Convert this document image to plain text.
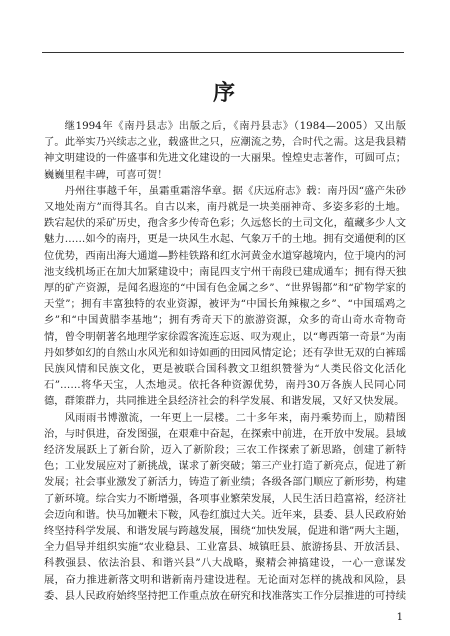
序

继1994年《南丹县志》出版之后，《南丹县志》（1984—2005）又出版了。此举实乃兴续志之业，载盛世之只，应潮流之势，合时代之需。这是我县精神文明建设的一件盛事和先进文化建设的一大丽果。惶煌史志著作，可圆可点；巍巍里程丰碑，可喜可贺！

丹州往事越千年，虽霜重霜溶华章。据《庆远府志》载：南丹因“盛产朱砂又地处南方”而得其名。自古以来，南丹就是一块美丽神奇、多姿多彩的土地。跌宕起伏的采矿历史，孢含多少传奇色彩；久远悠长的土司文化，蕴藏多少人文魅力……如今的南丹，更是一块风生水起、气象万千的土地。拥有交通便利的区位优势，西南出海大通道—黔桂铁路和红水河黄金水道穿越境内，位于境内的河池支线机场正在加大加紧建设中；南昆四支宁州干南段已建成通车；拥有得天独厚的矿产资源，是闻名遐迩的“中国有色金属之乡”、“世界锡都”和“矿物学家的天堂”；拥有丰富独特的农业资源，被评为“中国长角辣椒之乡”、“中国瑶鸡之乡”和“中国黄腊李基地”；拥有秀奇天下的旅游资源，众多的奇山奇水奇物奇情，曾令明朝著名地理学家徐霞客流连忘返、叹为观止，以“粤西第一奇景”为南丹如梦如幻的自然山水风光和如诗如画的田园风情定论；还有孕世无双的白裤瑶民族风情和民族文化，更是被联合国科教文卫组织赞誉为“人类民俗文化活化石”……将华天宝，人杰地灵。依托各种资源优势，南丹30万各族人民同心同德，群策群力，共同推进全县经济社会的科学发展、和谐发展，又好又快发展。

风雨雨书博激流，一年更上一层楼。二十多年来，南丹乘势而上，励精图治，与时俱进，奋发图强，在艰难中奋起，在探索中前进，在开放中发展。县域经济发展跃上了新台阶，迈入了新阶段；三农工作探索了新思路，创建了新特色；工业发展应对了新挑战，谋求了新突破；第三产业打造了新亮点，促进了新发展；社会事业激发了新活力，铸造了新业绩；各级各部门顺应了新形势，构建了新环境。综合实力不断增强，各项事业繁荣发展，人民生活日趋富裕，经济社会迈向和谐。快马加鞭未下鞍，风卷红旗过大关。近年来，县委、县人民政府始终坚持科学发展、和谐发展与跨越发展，围绕“加快发展，促进和谐”两大主题，全力倡导并组织实施“农业稳县、工业富县、城镇旺县、旅游扬县、开放活县、科教强县、依法治县、和谐兴县”八大战略，聚精会神搞建设，一心一意谋发展，奋力推进新落文明和谐新南丹建设进程。无论面对怎样的挑战和风险，县委、县人民政府始终坚持把工作重点放在研究和找准落实工作分层推进的可持续

1
